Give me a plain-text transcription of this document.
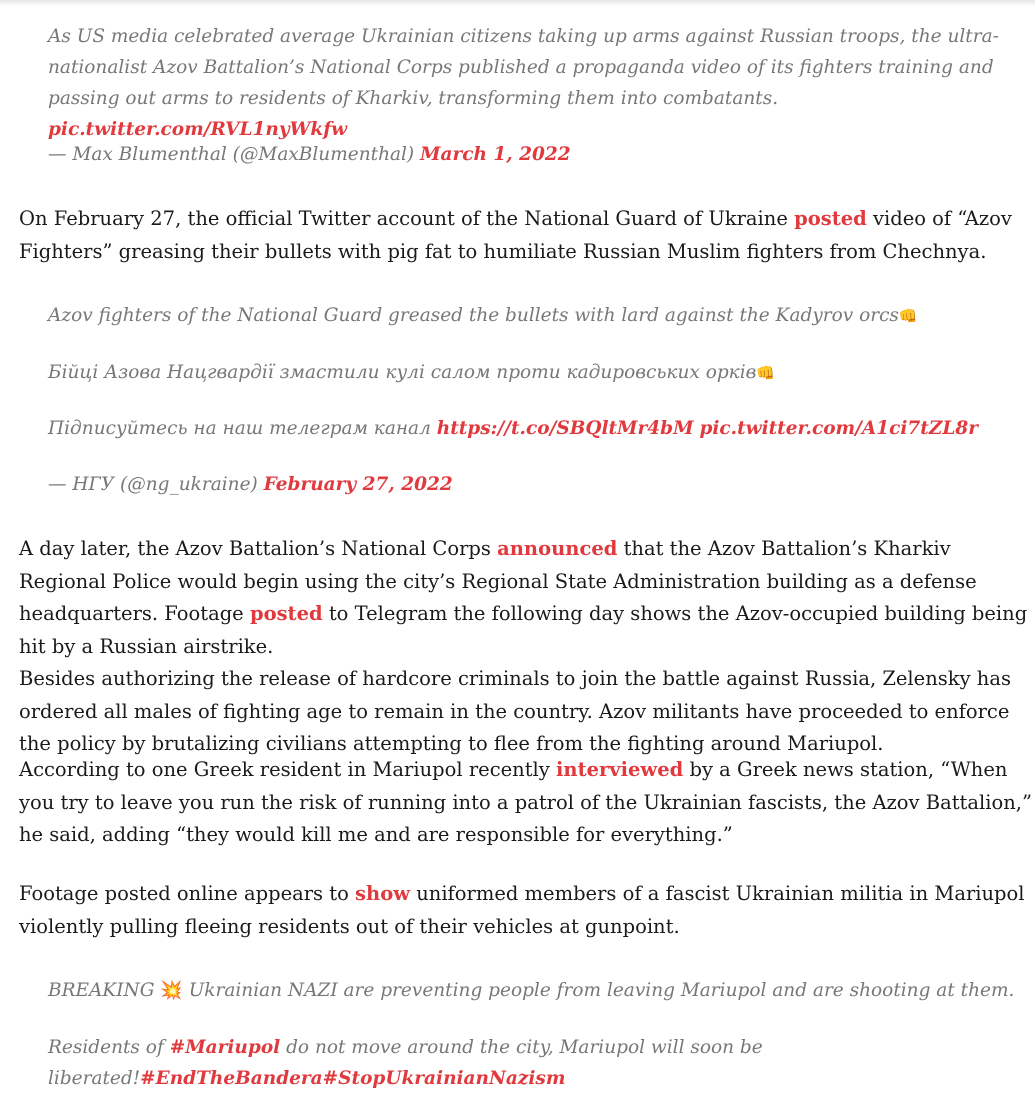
As US media celebrated average Ukrainian citizens taking up arms against Russian troops, the ultra-nationalist Azov Battalion’s National Corps published a propaganda video of its fighters training and passing out arms to residents of Kharkiv, transforming them into combatants. pic.twitter.com/RVL1nyWkfw
— Max Blumenthal (@MaxBlumenthal) March 1, 2022
On February 27, the official Twitter account of the National Guard of Ukraine posted video of “Azov Fighters” greasing their bullets with pig fat to humiliate Russian Muslim fighters from Chechnya.
Azov fighters of the National Guard greased the bullets with lard against the Kadyrov orcs👊
Бійці Азова Нацгвардії змастили кулі салом проти кадировських орків👊
Підписуйтесь на наш телеграм канал https://t.co/SBQltMr4bM pic.twitter.com/A1ci7tZL8r
— НГУ (@ng_ukraine) February 27, 2022
A day later, the Azov Battalion’s National Corps announced that the Azov Battalion’s Kharkiv Regional Police would begin using the city’s Regional State Administration building as a defense headquarters. Footage posted to Telegram the following day shows the Azov-occupied building being hit by a Russian airstrike.
Besides authorizing the release of hardcore criminals to join the battle against Russia, Zelensky has ordered all males of fighting age to remain in the country. Azov militants have proceeded to enforce the policy by brutalizing civilians attempting to flee from the fighting around Mariupol.
According to one Greek resident in Mariupol recently interviewed by a Greek news station, “When you try to leave you run the risk of running into a patrol of the Ukrainian fascists, the Azov Battalion,” he said, adding “they would kill me and are responsible for everything.”
Footage posted online appears to show uniformed members of a fascist Ukrainian militia in Mariupol violently pulling fleeing residents out of their vehicles at gunpoint.
BREAKING 💥 Ukrainian NAZI are preventing people from leaving Mariupol and are shooting at them.
Residents of #Mariupol do not move around the city, Mariupol will soon be
liberated!#EndTheBandera#StopUkrainianNazism
